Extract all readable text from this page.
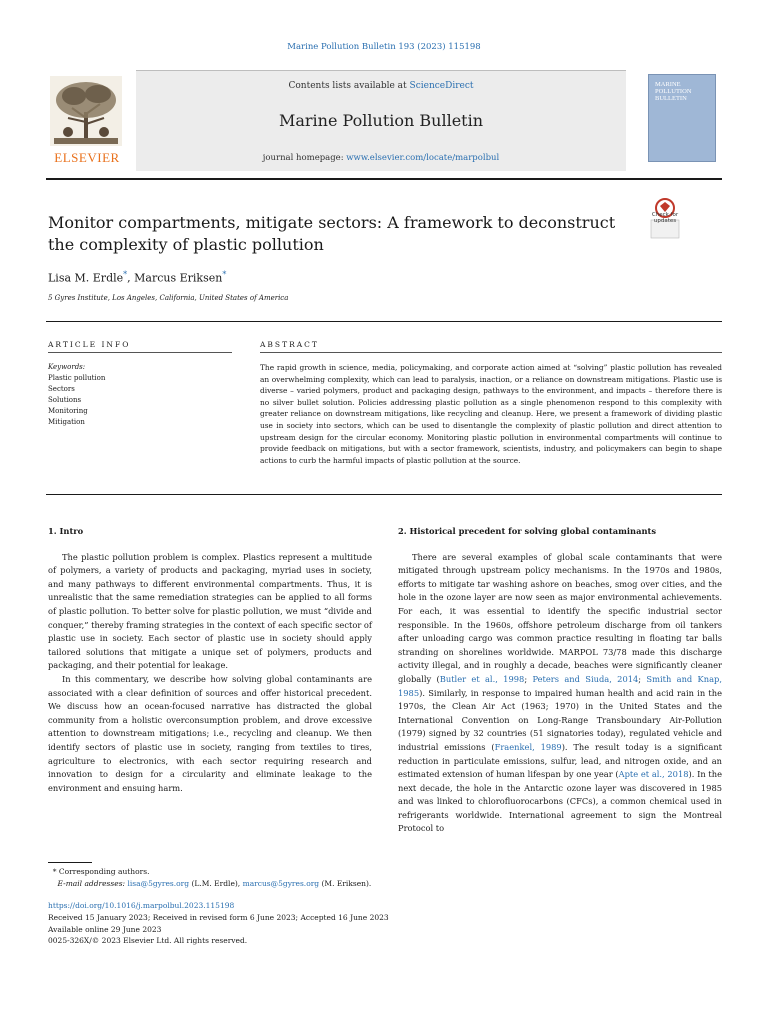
Marine Pollution Bulletin 193 (2023) 115198
ELSEVIER
Contents lists available at ScienceDirect
Marine Pollution Bulletin
journal homepage: www.elsevier.com/locate/marpolbul
MARINE POLLUTION BULLETIN
Monitor compartments, mitigate sectors: A framework to deconstruct the complexity of plastic pollution
Check for updates
Lisa M. Erdle*, Marcus Eriksen*
5 Gyres Institute, Los Angeles, California, United States of America
ARTICLE INFO
Keywords:
Plastic pollution
Sectors
Solutions
Monitoring
Mitigation
ABSTRACT
The rapid growth in science, media, policymaking, and corporate action aimed at “solving” plastic pollution has revealed an overwhelming complexity, which can lead to paralysis, inaction, or a reliance on downstream mitigations. Plastic use is diverse – varied polymers, product and packaging design, pathways to the environment, and impacts – therefore there is no silver bullet solution. Policies addressing plastic pollution as a single phenomenon respond to this complexity with greater reliance on downstream mitigations, like recycling and cleanup. Here, we present a framework of dividing plastic use in society into sectors, which can be used to disentangle the complexity of plastic pollution and direct attention to upstream design for the circular economy. Monitoring plastic pollution in environmental compartments will continue to provide feedback on mitigations, but with a sector framework, scientists, industry, and policymakers can begin to shape actions to curb the harmful impacts of plastic pollution at the source.
1. Intro

The plastic pollution problem is complex. Plastics represent a multitude of polymers, a variety of products and packaging, myriad uses in society, and many pathways to different environmental compartments. Thus, it is unrealistic that the same remediation strategies can be applied to all forms of plastic pollution. To better solve for plastic pollution, we must “divide and conquer,” thereby framing strategies in the context of each specific sector of plastic use in society. Each sector of plastic use in society should apply tailored solutions that mitigate a unique set of polymers, products and packaging, and their potential for leakage.

In this commentary, we describe how solving global contaminants are associated with a clear definition of sources and offer historical precedent. We discuss how an ocean-focused narrative has distracted the global community from a holistic overconsumption problem, and drove excessive attention to downstream mitigations; i.e., recycling and cleanup. We then identify sectors of plastic use in society, ranging from textiles to tires, agriculture to electronics, with each sector requiring research and innovation to design for a circularity and eliminate leakage to the environment and ensuing harm.

2. Historical precedent for solving global contaminants

There are several examples of global scale contaminants that were mitigated through upstream policy mechanisms. In the 1970s and 1980s, efforts to mitigate tar washing ashore on beaches, smog over cities, and the hole in the ozone layer are now seen as major environmental achievements. For each, it was essential to identify the specific industrial sector responsible. In the 1960s, offshore petroleum discharge from oil tankers after unloading cargo was common practice resulting in floating tar balls stranding on shorelines worldwide. MARPOL 73/78 made this discharge activity illegal, and in roughly a decade, beaches were significantly cleaner globally (Butler et al., 1998; Peters and Siuda, 2014; Smith and Knap, 1985). Similarly, in response to impaired human health and acid rain in the 1970s, the Clean Air Act (1963; 1970) in the United States and the International Convention on Long-Range Transboundary Air-Pollution (1979) signed by 32 countries (51 signatories today), regulated vehicle and industrial emissions (Fraenkel, 1989). The result today is a significant reduction in particulate emissions, sulfur, lead, and nitrogen oxide, and an estimated extension of human lifespan by one year (Apte et al., 2018). In the next decade, the hole in the Antarctic ozone layer was discovered in 1985 and was linked to chlorofluorocarbons (CFCs), a common chemical used in refrigerants worldwide. International agreement to sign the Montreal Protocol to

* Corresponding authors.
E-mail addresses: lisa@5gyres.org (L.M. Erdle), marcus@5gyres.org (M. Eriksen).
https://doi.org/10.1016/j.marpolbul.2023.115198
Received 15 January 2023; Received in revised form 6 June 2023; Accepted 16 June 2023
Available online 29 June 2023
0025-326X/© 2023 Elsevier Ltd. All rights reserved.
